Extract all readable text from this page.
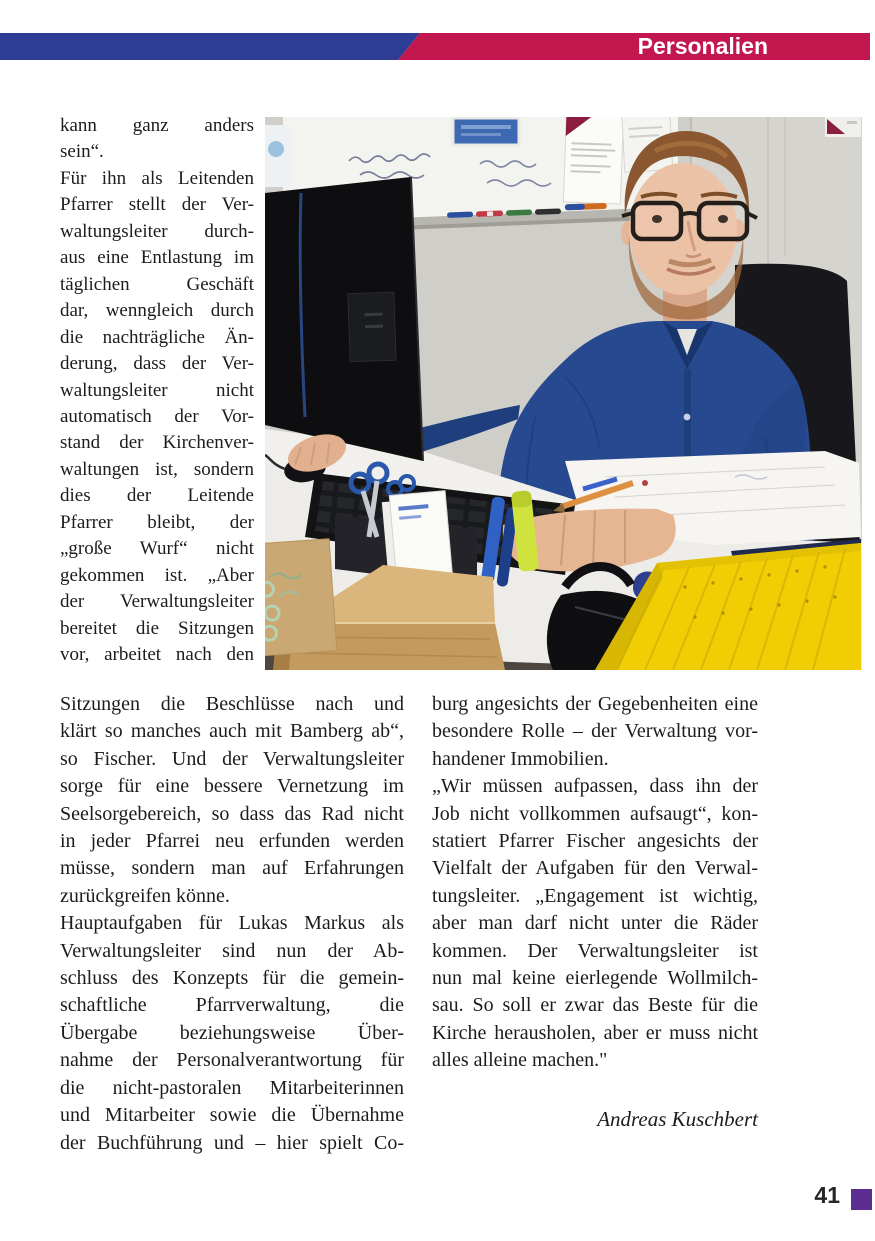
Personalien
kann ganz anders
sein“.
Für ihn als Leitenden
Pfarrer stellt der Ver-
waltungsleiter durch-
aus eine Entlastung im
täglichen Geschäft
dar, wenngleich durch
die nachträgliche Än-
derung, dass der Ver-
waltungsleiter nicht
automatisch der Vor-
stand der Kirchenver-
waltungen ist, sondern
dies der Leitende
Pfarrer bleibt, der
„große Wurf“ nicht
gekommen ist. „Aber
der Verwaltungsleiter
bereitet die Sitzungen
vor, arbeitet nach den
Sitzungen die Beschlüsse nach und
klärt so manches auch mit Bamberg ab“,
so Fischer. Und der Verwaltungsleiter
sorge für eine bessere Vernetzung im
Seelsorgebereich, so dass das Rad nicht
in jeder Pfarrei neu erfunden werden
müsse, sondern man auf Erfahrungen
zurückgreifen könne.
Hauptaufgaben für Lukas Markus als
Verwaltungsleiter sind nun der Ab-
schluss des Konzepts für die gemein-
schaftliche Pfarrverwaltung, die
Übergabe beziehungsweise Über-
nahme der Personalverantwortung für
die nicht-pastoralen Mitarbeiterinnen
und Mitarbeiter sowie die Übernahme
der Buchführung und – hier spielt Co-
burg angesichts der Gegebenheiten eine
besondere Rolle – der Verwaltung vor-
handener Immobilien.
„Wir müssen aufpassen, dass ihn der
Job nicht vollkommen aufsaugt“, kon-
statiert Pfarrer Fischer angesichts der
Vielfalt der Aufgaben für den Verwal-
tungsleiter. „Engagement ist wichtig,
aber man darf nicht unter die Räder
kommen. Der Verwaltungsleiter ist
nun mal keine eierlegende Wollmilch-
sau. So soll er zwar das Beste für die
Kirche herausholen, aber er muss nicht
alles alleine machen."
Andreas Kuschbert
41
